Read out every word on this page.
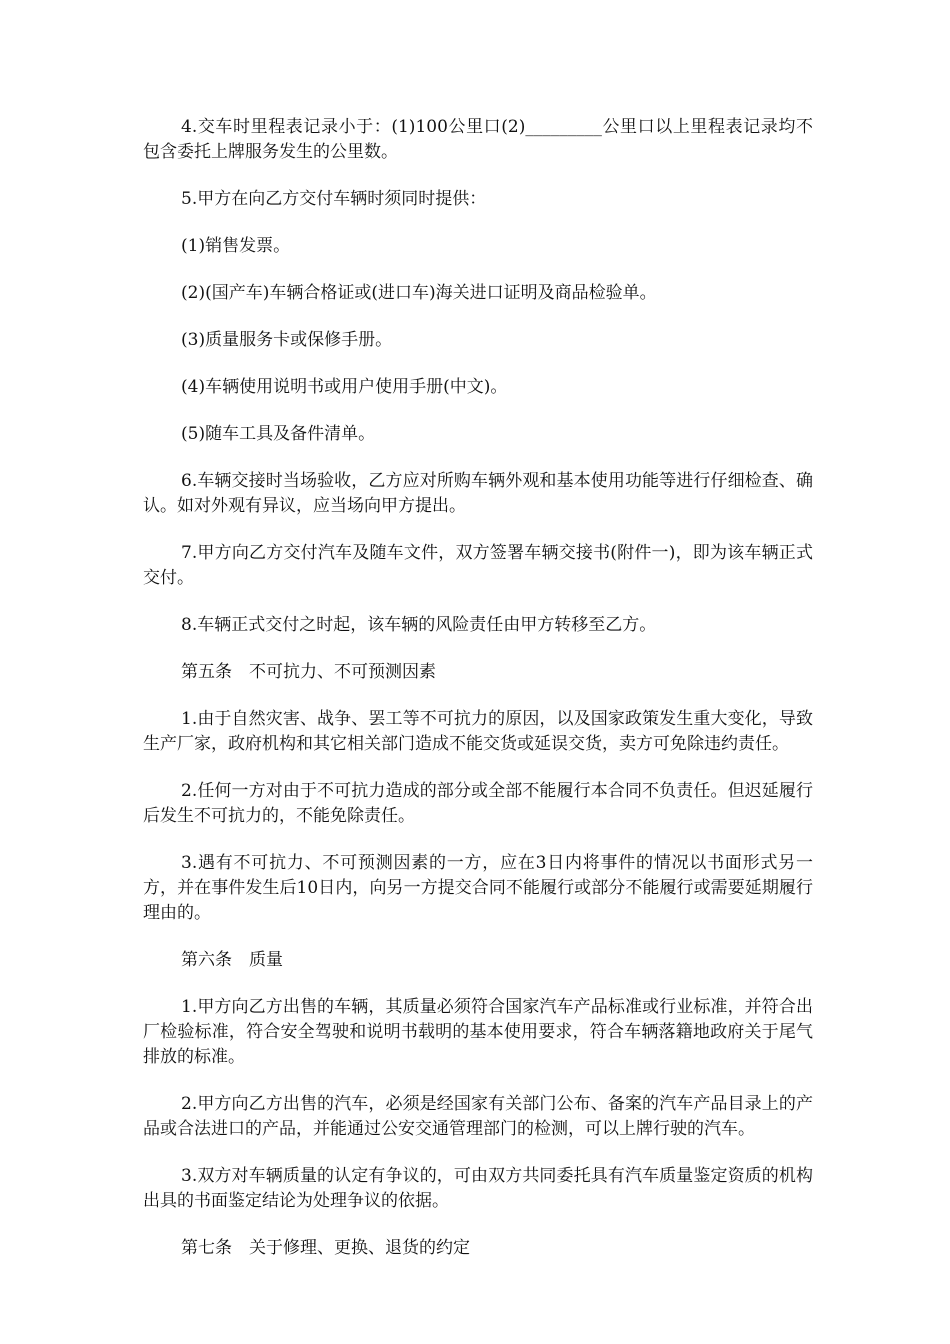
4.交车时里程表记录小于：(1)100公里口(2)_________公里口以上里程表记录均不包含委托上牌服务发生的公里数。

5.甲方在向乙方交付车辆时须同时提供：

(1)销售发票。

(2)(国产车)车辆合格证或(进口车)海关进口证明及商品检验单。

(3)质量服务卡或保修手册。

(4)车辆使用说明书或用户使用手册(中文)。

(5)随车工具及备件清单。

6.车辆交接时当场验收，乙方应对所购车辆外观和基本使用功能等进行仔细检查、确认。如对外观有异议，应当场向甲方提出。

7.甲方向乙方交付汽车及随车文件，双方签署车辆交接书(附件一)，即为该车辆正式交付。

8.车辆正式交付之时起，该车辆的风险责任由甲方转移至乙方。

第五条　不可抗力、不可预测因素

1.由于自然灾害、战争、罢工等不可抗力的原因，以及国家政策发生重大变化，导致生产厂家，政府机构和其它相关部门造成不能交货或延误交货，卖方可免除违约责任。

2.任何一方对由于不可抗力造成的部分或全部不能履行本合同不负责任。但迟延履行后发生不可抗力的，不能免除责任。

3.遇有不可抗力、不可预测因素的一方，应在3日内将事件的情况以书面形式另一方，并在事件发生后10日内，向另一方提交合同不能履行或部分不能履行或需要延期履行理由的。

第六条　质量

1.甲方向乙方出售的车辆，其质量必须符合国家汽车产品标准或行业标准，并符合出厂检验标准，符合安全驾驶和说明书载明的基本使用要求，符合车辆落籍地政府关于尾气排放的标准。

2.甲方向乙方出售的汽车，必须是经国家有关部门公布、备案的汽车产品目录上的产品或合法进口的产品，并能通过公安交通管理部门的检测，可以上牌行驶的汽车。

3.双方对车辆质量的认定有争议的，可由双方共同委托具有汽车质量鉴定资质的机构出具的书面鉴定结论为处理争议的依据。

第七条　关于修理、更换、退货的约定
